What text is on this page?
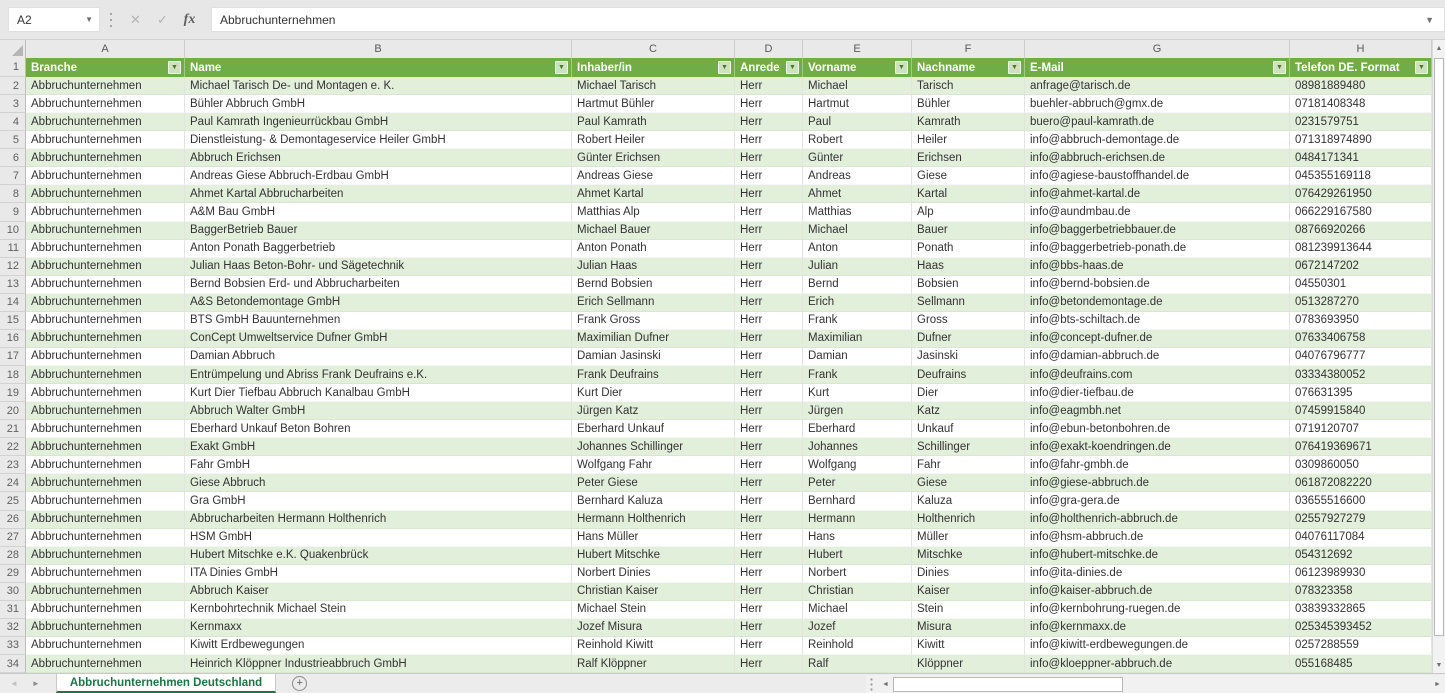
A2	▼	✕	✓	fx	Abbruchunternehmen	▼
A	B	C	D	E	F	G	H
1	Branche	▼ Name	▼ Inhaber/in	▼ Anrede	▼ Vorname	▼ Nachname	▼ E-Mail	▼ Telefon DE. Format	▼
2	Abbruchunternehmen	Michael Tarisch De- und Montagen e. K.	Michael Tarisch	Herr	Michael	Tarisch	anfrage@tarisch.de	08981889480
3	Abbruchunternehmen	Bühler Abbruch GmbH	Hartmut Bühler	Herr	Hartmut	Bühler	buehler-abbruch@gmx.de	07181408348
4	Abbruchunternehmen	Paul Kamrath Ingenieurrückbau GmbH	Paul Kamrath	Herr	Paul	Kamrath	buero@paul-kamrath.de	0231579751
5	Abbruchunternehmen	Dienstleistung- & Demontageservice Heiler GmbH	Robert Heiler	Herr	Robert	Heiler	info@abbruch-demontage.de	071318974890
6	Abbruchunternehmen	Abbruch Erichsen	Günter Erichsen	Herr	Günter	Erichsen	info@abbruch-erichsen.de	0484171341
7	Abbruchunternehmen	Andreas Giese Abbruch-Erdbau GmbH	Andreas Giese	Herr	Andreas	Giese	info@agiese-baustoffhandel.de	045355169118
8	Abbruchunternehmen	Ahmet Kartal Abbrucharbeiten	Ahmet Kartal	Herr	Ahmet	Kartal	info@ahmet-kartal.de	076429261950
9	Abbruchunternehmen	A&M Bau GmbH	Matthias Alp	Herr	Matthias	Alp	info@aundmbau.de	066229167580
10	Abbruchunternehmen	BaggerBetrieb Bauer	Michael Bauer	Herr	Michael	Bauer	info@baggerbetriebbauer.de	08766920266
11	Abbruchunternehmen	Anton Ponath Baggerbetrieb	Anton Ponath	Herr	Anton	Ponath	info@baggerbetrieb-ponath.de	081239913644
12	Abbruchunternehmen	Julian Haas Beton-Bohr- und Sägetechnik	Julian Haas	Herr	Julian	Haas	info@bbs-haas.de	0672147202
13	Abbruchunternehmen	Bernd Bobsien Erd- und Abbrucharbeiten	Bernd Bobsien	Herr	Bernd	Bobsien	info@bernd-bobsien.de	04550301
14	Abbruchunternehmen	A&S Betondemontage GmbH	Erich Sellmann	Herr	Erich	Sellmann	info@betondemontage.de	0513287270
15	Abbruchunternehmen	BTS GmbH Bauunternehmen	Frank Gross	Herr	Frank	Gross	info@bts-schiltach.de	0783693950
16	Abbruchunternehmen	ConCept Umweltservice Dufner GmbH	Maximilian Dufner	Herr	Maximilian	Dufner	info@concept-dufner.de	07633406758
17	Abbruchunternehmen	Damian Abbruch	Damian Jasinski	Herr	Damian	Jasinski	info@damian-abbruch.de	04076796777
18	Abbruchunternehmen	Entrümpelung und Abriss Frank Deufrains e.K.	Frank Deufrains	Herr	Frank	Deufrains	info@deufrains.com	03334380052
19	Abbruchunternehmen	Kurt Dier Tiefbau Abbruch Kanalbau GmbH	Kurt Dier	Herr	Kurt	Dier	info@dier-tiefbau.de	076631395
20	Abbruchunternehmen	Abbruch Walter GmbH	Jürgen Katz	Herr	Jürgen	Katz	info@eagmbh.net	07459915840
21	Abbruchunternehmen	Eberhard Unkauf Beton Bohren	Eberhard Unkauf	Herr	Eberhard	Unkauf	info@ebun-betonbohren.de	0719120707
22	Abbruchunternehmen	Exakt GmbH	Johannes Schillinger	Herr	Johannes	Schillinger	info@exakt-koendringen.de	076419369671
23	Abbruchunternehmen	Fahr GmbH	Wolfgang Fahr	Herr	Wolfgang	Fahr	info@fahr-gmbh.de	0309860050
24	Abbruchunternehmen	Giese Abbruch	Peter Giese	Herr	Peter	Giese	info@giese-abbruch.de	061872082220
25	Abbruchunternehmen	Gra GmbH	Bernhard Kaluza	Herr	Bernhard	Kaluza	info@gra-gera.de	03655516600
26	Abbruchunternehmen	Abbrucharbeiten Hermann Holthenrich	Hermann Holthenrich	Herr	Hermann	Holthenrich	info@holthenrich-abbruch.de	02557927279
27	Abbruchunternehmen	HSM GmbH	Hans Müller	Herr	Hans	Müller	info@hsm-abbruch.de	04076117084
28	Abbruchunternehmen	Hubert Mitschke e.K. Quakenbrück	Hubert Mitschke	Herr	Hubert	Mitschke	info@hubert-mitschke.de	054312692
29	Abbruchunternehmen	ITA Dinies GmbH	Norbert Dinies	Herr	Norbert	Dinies	info@ita-dinies.de	06123989930
30	Abbruchunternehmen	Abbruch Kaiser	Christian Kaiser	Herr	Christian	Kaiser	info@kaiser-abbruch.de	078323358
31	Abbruchunternehmen	Kernbohrtechnik Michael Stein	Michael Stein	Herr	Michael	Stein	info@kernbohrung-ruegen.de	03839332865
32	Abbruchunternehmen	Kernmaxx	Jozef Misura	Herr	Jozef	Misura	info@kernmaxx.de	025345393452
33	Abbruchunternehmen	Kiwitt Erdbewegungen	Reinhold Kiwitt	Herr	Reinhold	Kiwitt	info@kiwitt-erdbewegungen.de	0257288559
34	Abbruchunternehmen	Heinrich Klöppner Industrieabbruch GmbH	Ralf Klöppner	Herr	Ralf	Klöppner	info@kloeppner-abbruch.de	055168485
▲
▼
◄ ►	Abbruchunternehmen Deutschland	+	◄	►
